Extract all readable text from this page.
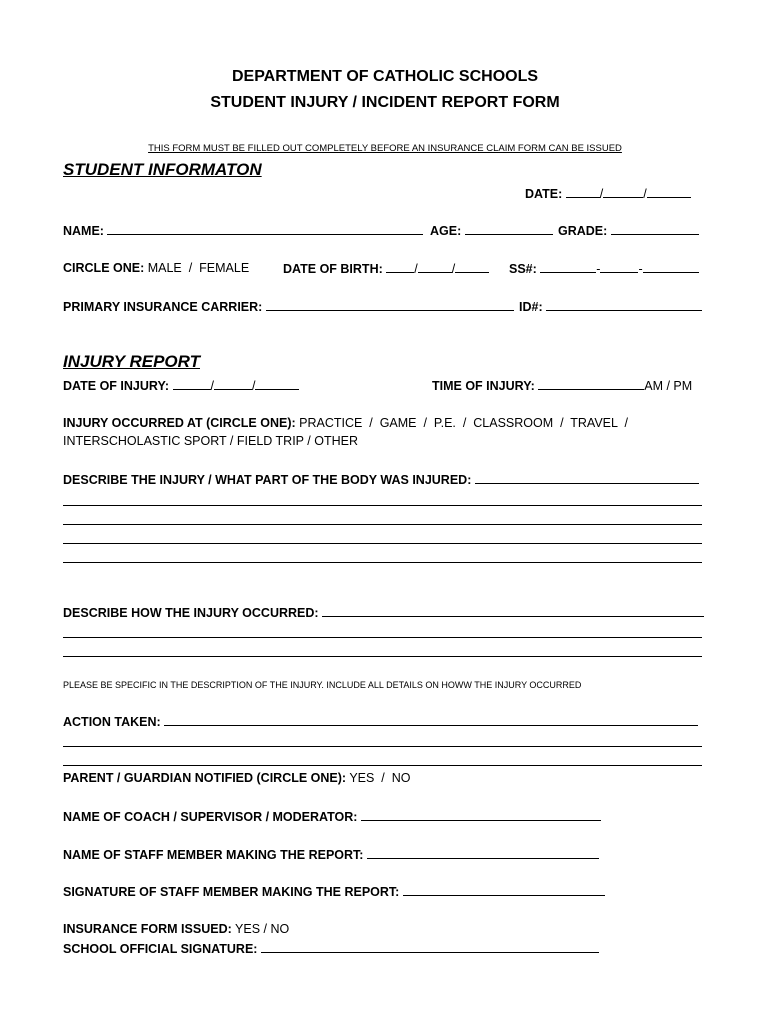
DEPARTMENT OF CATHOLIC SCHOOLS
STUDENT INJURY / INCIDENT REPORT FORM
THIS FORM MUST BE FILLED OUT COMPLETELY BEFORE AN INSURANCE CLAIM FORM CAN BE ISSUED
STUDENT INFORMATON
DATE:	/	/
NAME:	AGE:	GRADE:
CIRCLE ONE: MALE  /  FEMALE	DATE OF BIRTH:	/	/	SS#:	-	-
PRIMARY INSURANCE CARRIER:	ID#:
INJURY REPORT
DATE OF INJURY:	/	/	TIME OF INJURY:	AM / PM
INJURY OCCURRED AT (CIRCLE ONE): PRACTICE  /  GAME  /  P.E.  /  CLASSROOM  /  TRAVEL  /
INTERSCHOLASTIC SPORT / FIELD TRIP / OTHER
DESCRIBE THE INJURY / WHAT PART OF THE BODY WAS INJURED:
DESCRIBE HOW THE INJURY OCCURRED:
PLEASE BE SPECIFIC IN THE DESCRIPTION OF THE INJURY. INCLUDE ALL DETAILS ON HOWW THE INJURY OCCURRED
ACTION TAKEN:
PARENT / GUARDIAN NOTIFIED (CIRCLE ONE): YES  /  NO
NAME OF COACH / SUPERVISOR / MODERATOR:
NAME OF STAFF MEMBER MAKING THE REPORT:
SIGNATURE OF STAFF MEMBER MAKING THE REPORT:
INSURANCE FORM ISSUED: YES / NO
SCHOOL OFFICIAL SIGNATURE:
